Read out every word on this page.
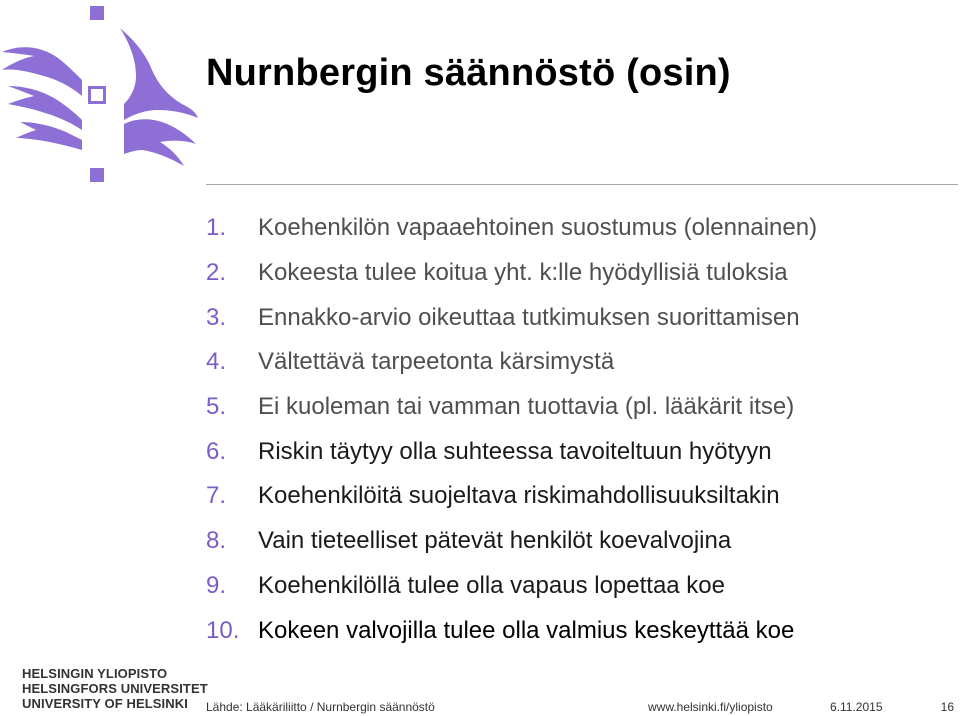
Nurnbergin säännöstö (osin)
1.	Koehenkilön vapaaehtoinen suostumus (olennainen)
2.	Kokeesta tulee koitua yht. k:lle hyödyllisiä tuloksia
3.	Ennakko-arvio oikeuttaa tutkimuksen suorittamisen
4.	Vältettävä tarpeetonta kärsimystä
5.	Ei kuoleman tai vamman tuottavia (pl. lääkärit itse)
6.	Riskin täytyy olla suhteessa tavoiteltuun hyötyyn
7.	Koehenkilöitä suojeltava riskimahdollisuuksiltakin
8.	Vain tieteelliset pätevät henkilöt koevalvojina
9.	Koehenkilöllä tulee olla vapaus lopettaa koe
10. Kokeen valvojilla tulee olla valmius keskeyttää koe
HELSINGIN YLIOPISTO
HELSINGFORS UNIVERSITET
UNIVERSITY OF HELSINKI	Lähde: Lääkäriliitto / Nurnbergin säännöstö	www.helsinki.fi/yliopisto	6.11.2015	16
